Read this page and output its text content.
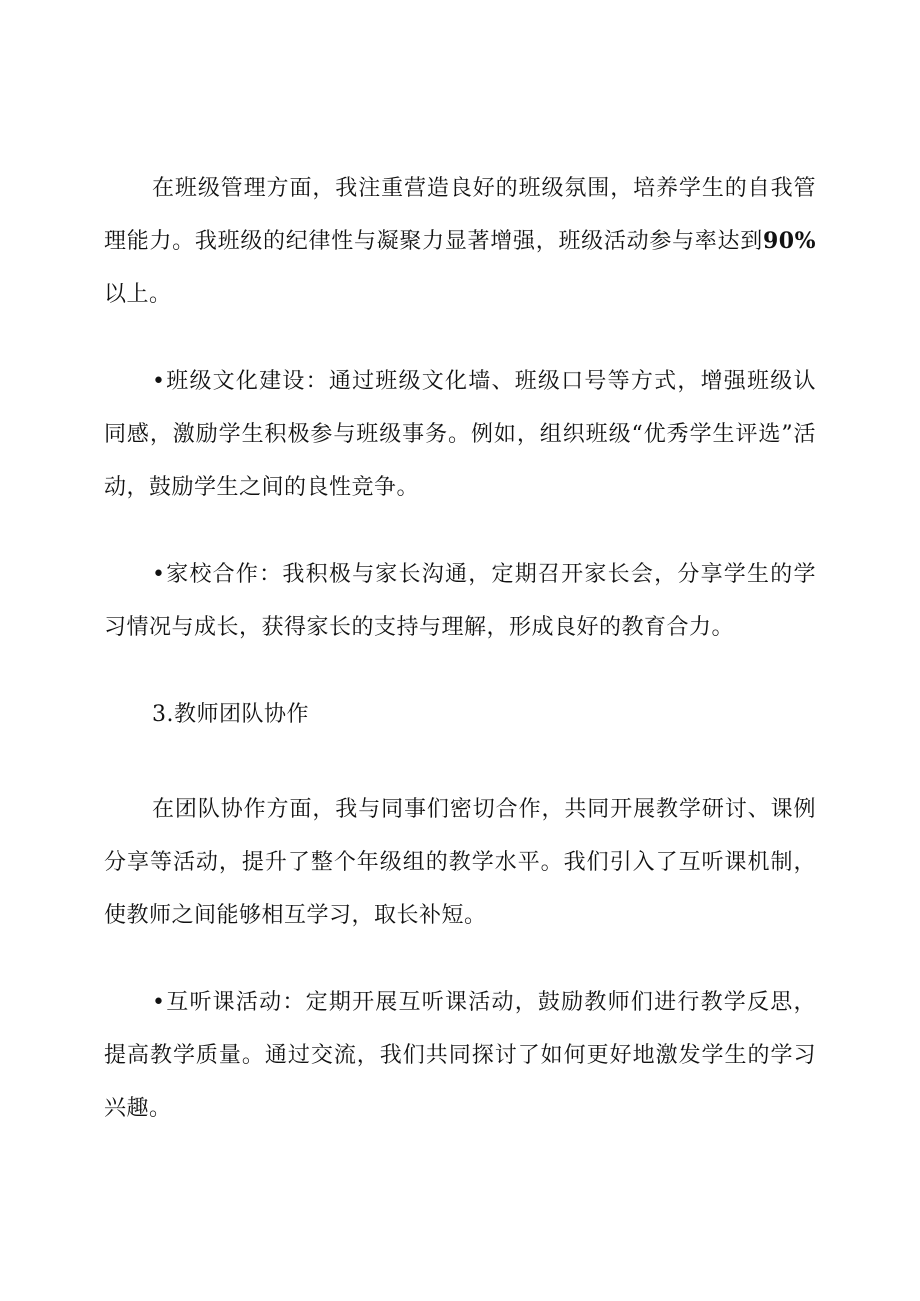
在班级管理方面，我注重营造良好的班级氛围，培养学生的自我管理能力。我班级的纪律性与凝聚力显著增强，班级活动参与率达到90%以上。

•班级文化建设：通过班级文化墙、班级口号等方式，增强班级认同感，激励学生积极参与班级事务。例如，组织班级“优秀学生评选”活动，鼓励学生之间的良性竞争。

•家校合作：我积极与家长沟通，定期召开家长会，分享学生的学习情况与成长，获得家长的支持与理解，形成良好的教育合力。

3.教师团队协作

在团队协作方面，我与同事们密切合作，共同开展教学研讨、课例分享等活动，提升了整个年级组的教学水平。我们引入了互听课机制，使教师之间能够相互学习，取长补短。

•互听课活动：定期开展互听课活动，鼓励教师们进行教学反思，提高教学质量。通过交流，我们共同探讨了如何更好地激发学生的学习兴趣。
